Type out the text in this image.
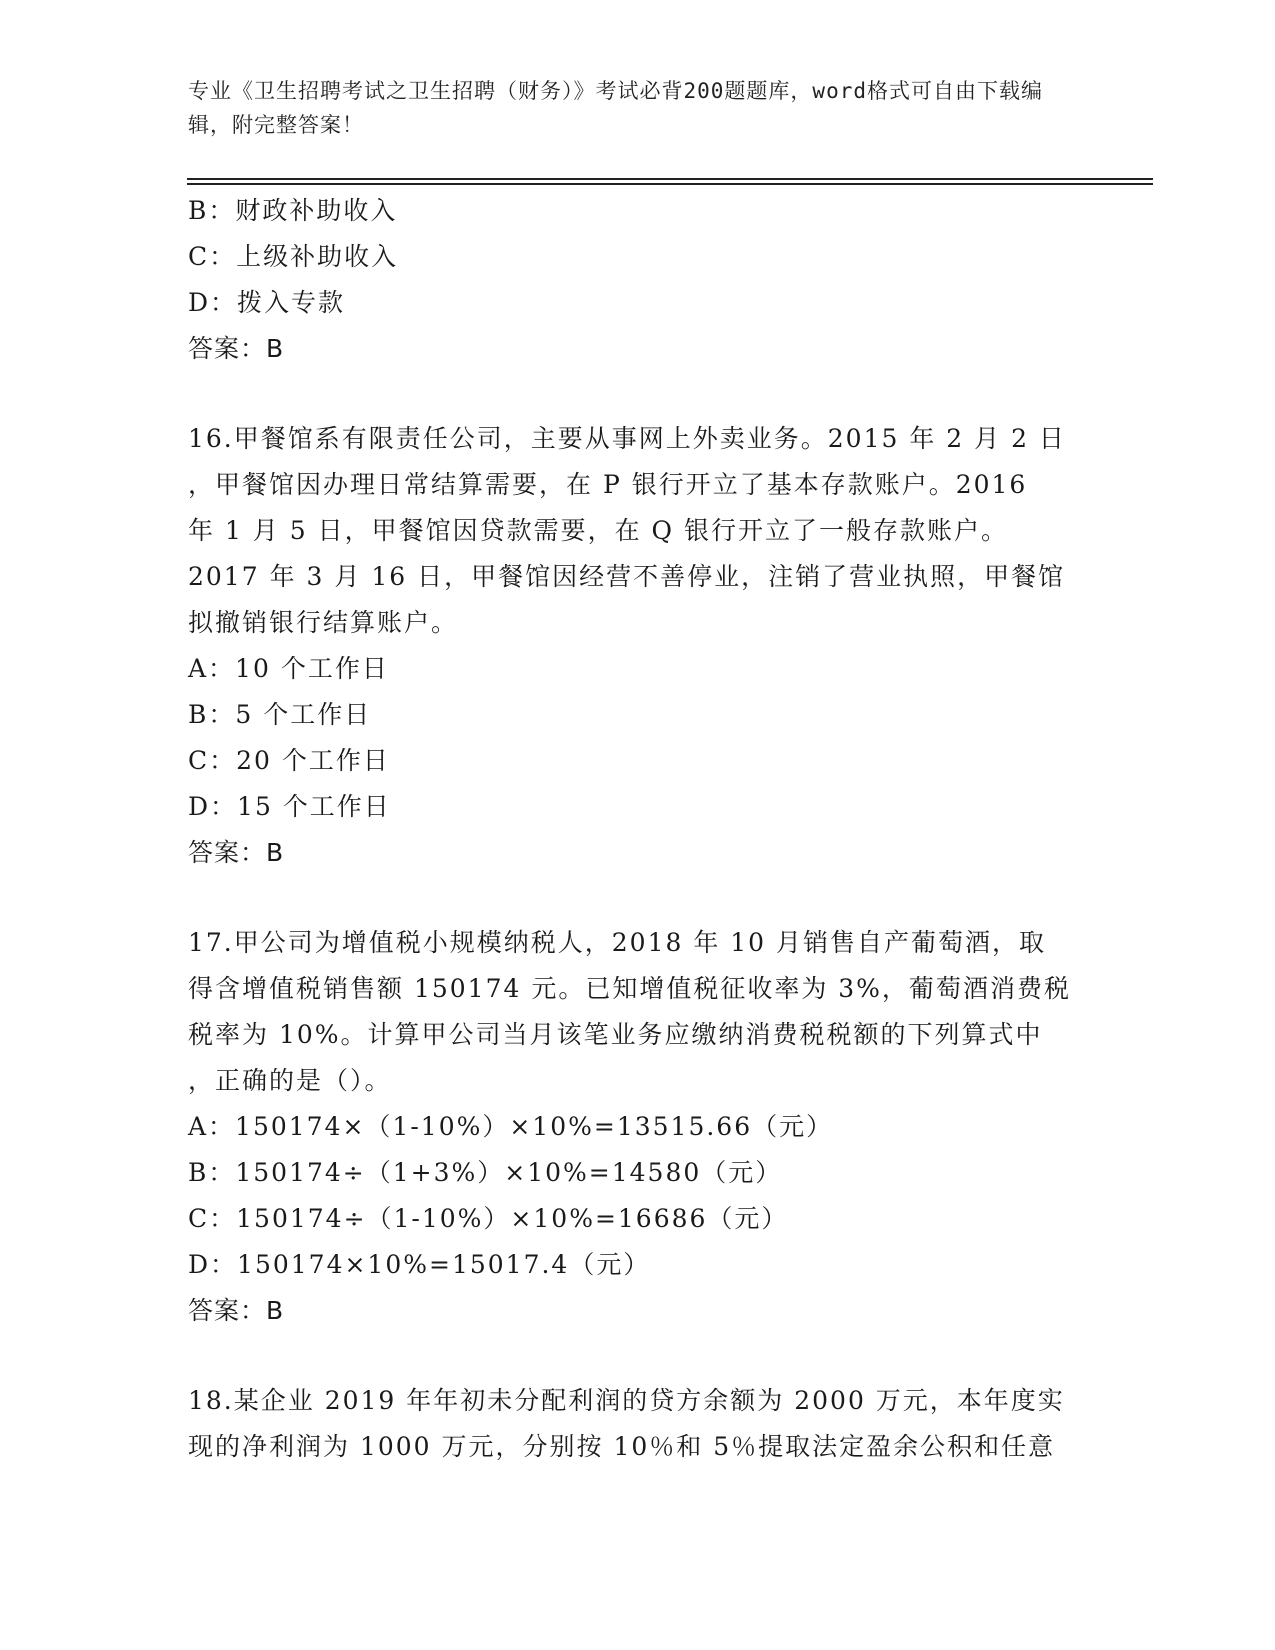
专业《卫生招聘考试之卫生招聘（财务）》考试必背200题题库，word格式可自由下载编辑，附完整答案！
B：财政补助收入
C：上级补助收入
D：拨入专款
答案：B
16.甲餐馆系有限责任公司，主要从事网上外卖业务。2015 年 2 月 2 日
，甲餐馆因办理日常结算需要，在 P 银行开立了基本存款账户。2016
年 1 月 5 日，甲餐馆因贷款需要，在 Q 银行开立了一般存款账户。
2017 年 3 月 16 日，甲餐馆因经营不善停业，注销了营业执照，甲餐馆
拟撤销银行结算账户。
A：10 个工作日
B：5 个工作日
C：20 个工作日
D：15 个工作日
答案：B
17.甲公司为增值税小规模纳税人，2018 年 10 月销售自产葡萄酒，取
得含增值税销售额 150174 元。已知增值税征收率为 3%，葡萄酒消费税
税率为 10%。计算甲公司当月该笔业务应缴纳消费税税额的下列算式中
，正确的是（）。
A：150174×（1-10%）×10%=13515.66（元）
B：150174÷（1+3%）×10%=14580（元）
C：150174÷（1-10%）×10%=16686（元）
D：150174×10%=15017.4（元）
答案：B
18.某企业 2019 年年初未分配利润的贷方余额为 2000 万元，本年度实
现的净利润为 1000 万元，分别按 10％和 5％提取法定盈余公积和任意
